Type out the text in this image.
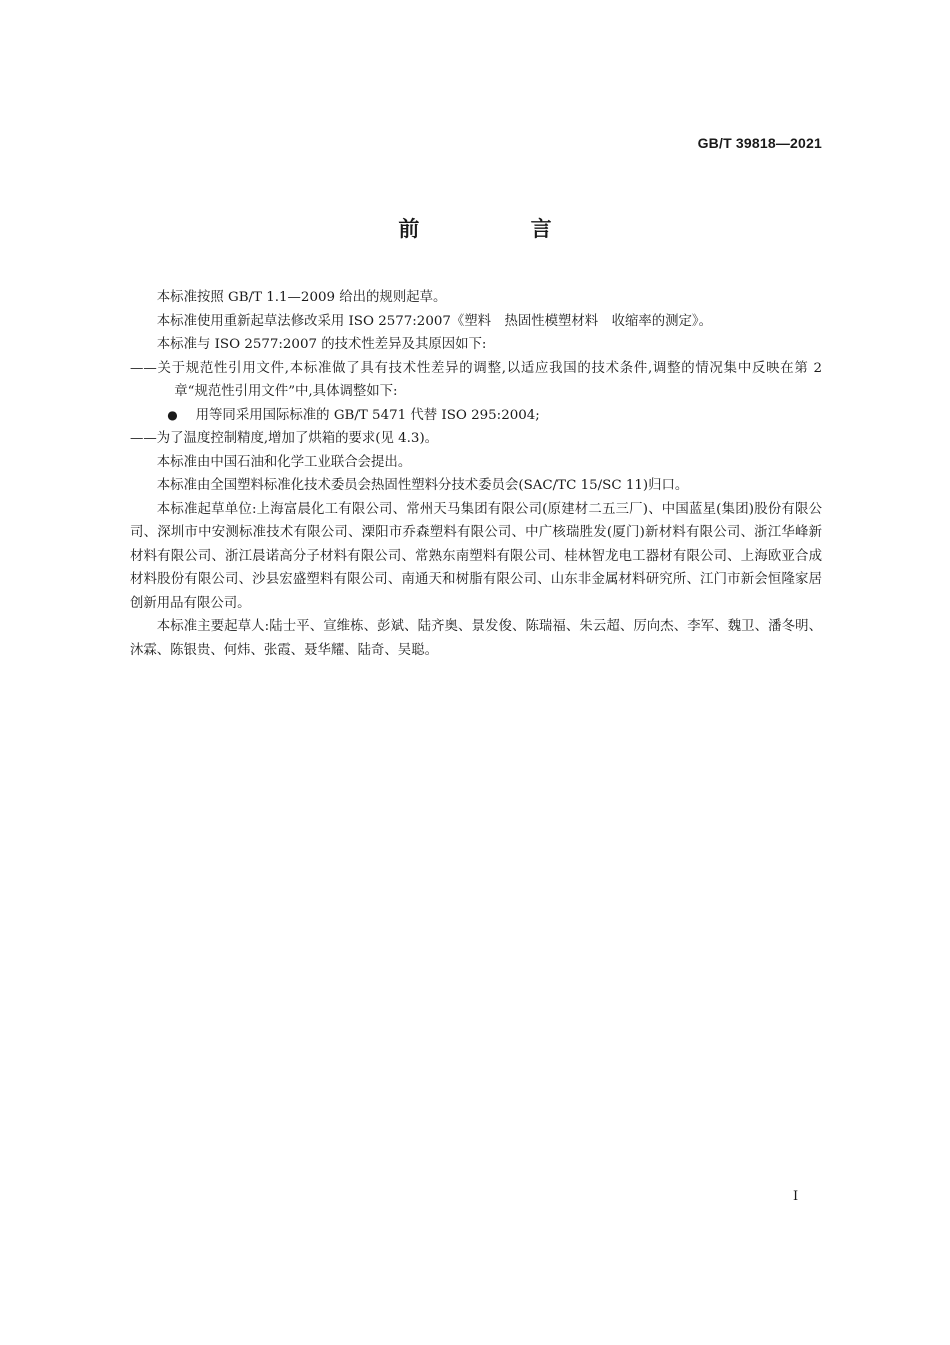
GB/T 39818—2021
前 言

本标准按照 GB/T 1.1—2009 给出的规则起草。

本标准使用重新起草法修改采用 ISO 2577:2007《塑料　热固性模塑材料　收缩率的测定》。

本标准与 ISO 2577:2007 的技术性差异及其原因如下:

——关于规范性引用文件,本标准做了具有技术性差异的调整,以适应我国的技术条件,调整的情况集中反映在第 2 章“规范性引用文件”中,具体调整如下:

● 用等同采用国际标准的 GB/T 5471 代替 ISO 295:2004;

——为了温度控制精度,增加了烘箱的要求(见 4.3)。

本标准由中国石油和化学工业联合会提出。

本标准由全国塑料标准化技术委员会热固性塑料分技术委员会(SAC/TC 15/SC 11)归口。

本标准起草单位:上海富晨化工有限公司、常州天马集团有限公司(原建材二五三厂)、中国蓝星(集团)股份有限公司、深圳市中安测标准技术有限公司、溧阳市乔森塑料有限公司、中广核瑞胜发(厦门)新材料有限公司、浙江华峰新材料有限公司、浙江晨诺高分子材料有限公司、常熟东南塑料有限公司、桂林智龙电工器材有限公司、上海欧亚合成材料股份有限公司、沙县宏盛塑料有限公司、南通天和树脂有限公司、山东非金属材料研究所、江门市新会恒隆家居创新用品有限公司。

本标准主要起草人:陆士平、宣维栋、彭斌、陆齐奥、景发俊、陈瑞福、朱云超、厉向杰、李军、魏卫、潘冬明、沐霖、陈银贵、何炜、张霞、聂华耀、陆奇、吴聪。

I
